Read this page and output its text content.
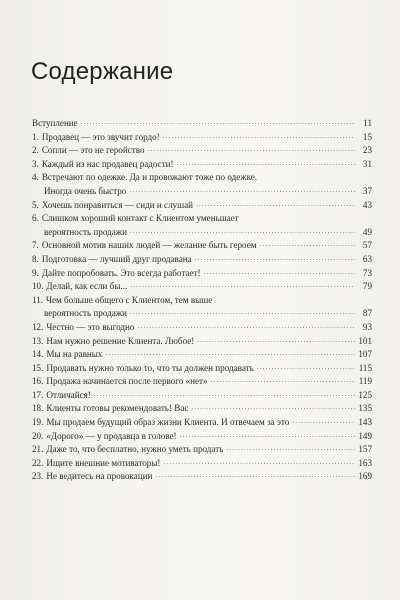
Содержание
Вступление .....	11
1. Продавец — это звучит гордо! .....	15
2. Сопли — это не геройство .....	23
3. Каждый из нас продавец радости! .....	31
4. Встречают по одежке. Да и провожают тоже по одежке.
Иногда очень быстро .....	37
5. Хочешь понравиться — сиди и слушай .....	43
6. Слишком хороший контакт с Клиентом уменьшает
вероятность продажи .....	49
7. Основной мотив наших людей — желание быть героем .....	57
8. Подготовка — лучший друг продавана .....	63
9. Дайте попробовать. Это всегда работает! .....	73
10. Делай, как если бы... .....	79
11. Чем больше общего с Клиентом, тем выше
вероятность продажи .....	87
12. Честно — это выгодно .....	93
13. Нам нужно решение Клиента. Любое! .....	101
14. Мы на равных .....	107
15. Продавать нужно только то, что ты должен продавать .....	115
16. Продажа начинается после первого «нет» .....	119
17. Отличайся! .....	125
18. Клиенты готовы рекомендовать! Вас .....	135
19. Мы продаем будущий образ жизни Клиента. И отвечаем за это .....	143
20. «Дорого» — у продавца в голове! .....	149
21. Даже то, что бесплатно, нужно уметь продать .....	157
22. Ищите внешние мотиваторы! .....	163
23. Не ведитесь на провокации .....	169
